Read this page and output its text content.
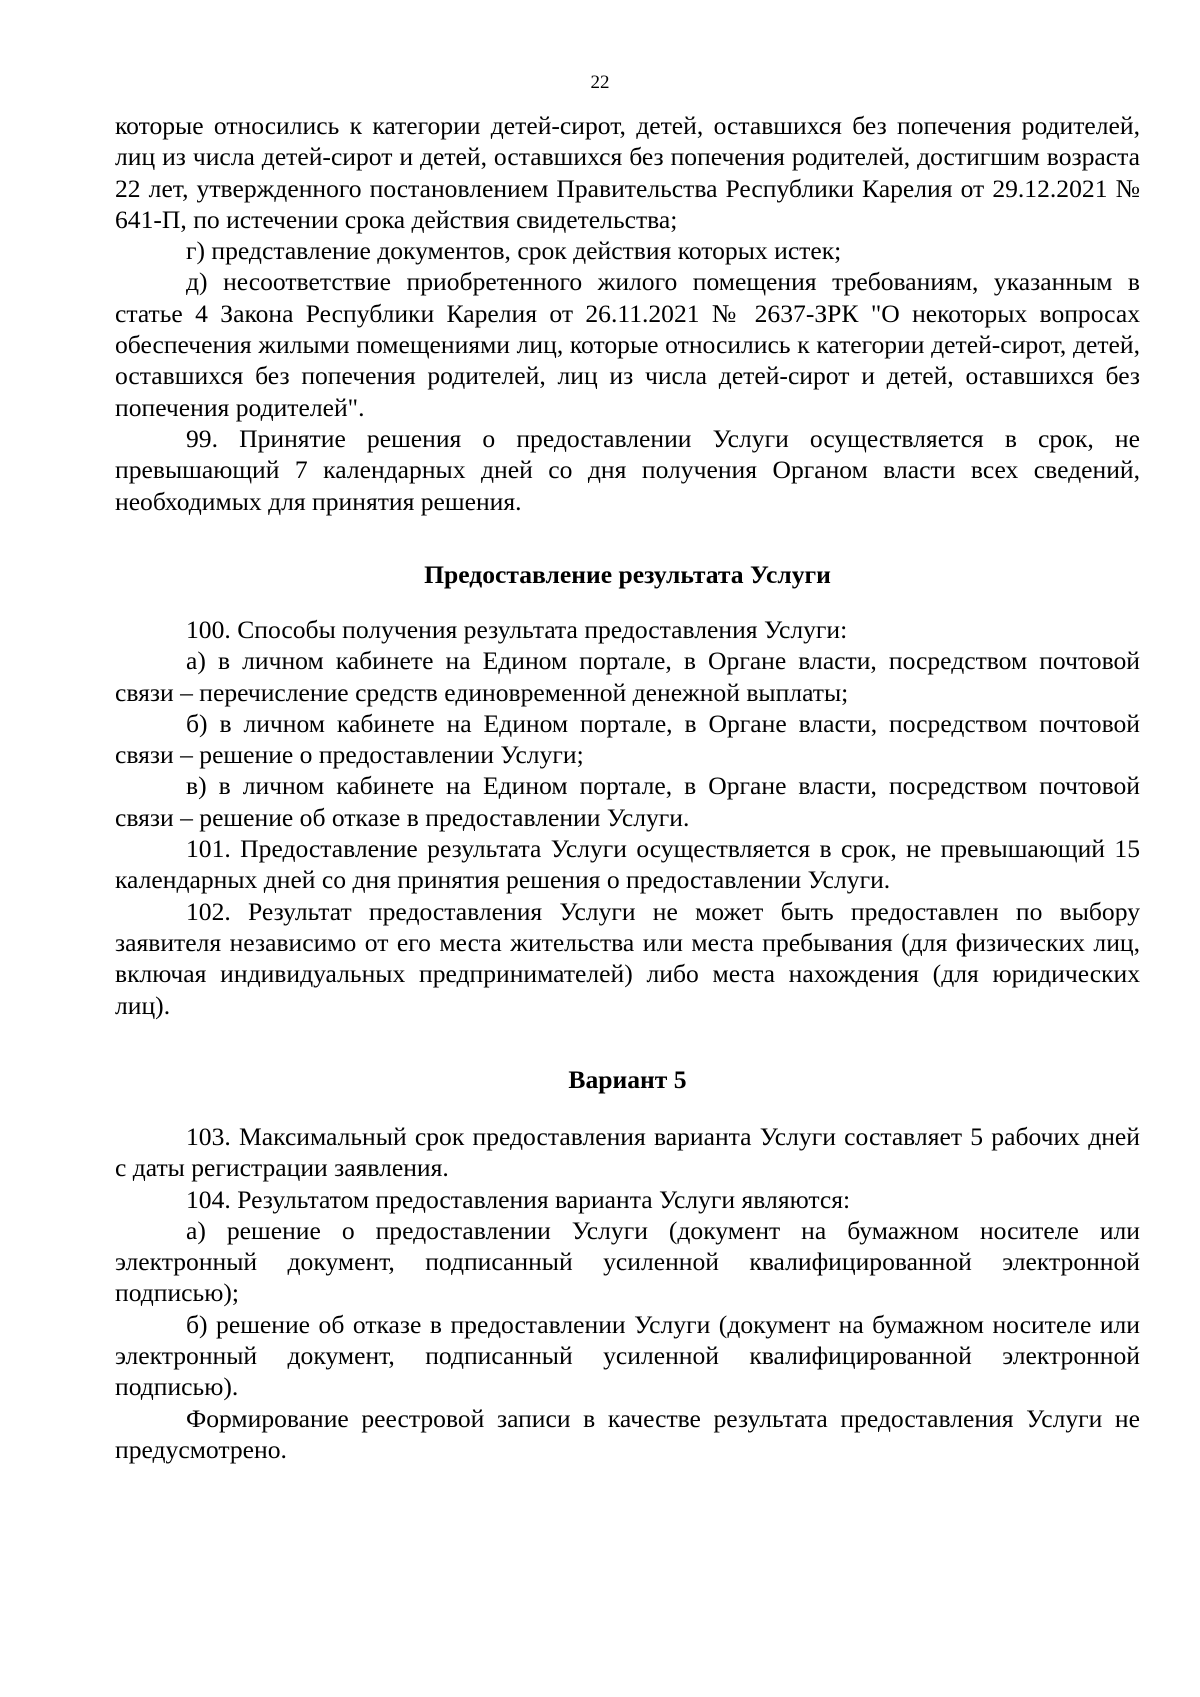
22

которые относились к категории детей-сирот, детей, оставшихся без попечения родителей, лиц из числа детей-сирот и детей, оставшихся без попечения родителей, достигшим возраста 22 лет, утвержденного постановлением Правительства Республики Карелия от 29.12.2021 № 641-П, по истечении срока действия свидетельства;

г) представление документов, срок действия которых истек;

д) несоответствие приобретенного жилого помещения требованиям, указанным в статье 4 Закона Республики Карелия от 26.11.2021 № 2637-ЗРК "О некоторых вопросах обеспечения жилыми помещениями лиц, которые относились к категории детей-сирот, детей, оставшихся без попечения родителей, лиц из числа детей-сирот и детей, оставшихся без попечения родителей".

99. Принятие решения о предоставлении Услуги осуществляется в срок, не превышающий 7 календарных дней со дня получения Органом власти всех сведений, необходимых для принятия решения.

Предоставление результата Услуги

100. Способы получения результата предоставления Услуги:

а) в личном кабинете на Едином портале, в Органе власти, посредством почтовой связи – перечисление средств единовременной денежной выплаты;

б) в личном кабинете на Едином портале, в Органе власти, посредством почтовой связи – решение о предоставлении Услуги;

в) в личном кабинете на Едином портале, в Органе власти, посредством почтовой связи – решение об отказе в предоставлении Услуги.

101. Предоставление результата Услуги осуществляется в срок, не превышающий 15 календарных дней со дня принятия решения о предоставлении Услуги.

102. Результат предоставления Услуги не может быть предоставлен по выбору заявителя независимо от его места жительства или места пребывания (для физических лиц, включая индивидуальных предпринимателей) либо места нахождения (для юридических лиц).

Вариант 5

103. Максимальный срок предоставления варианта Услуги составляет 5 рабочих дней с даты регистрации заявления.

104. Результатом предоставления варианта Услуги являются:

а) решение о предоставлении Услуги (документ на бумажном носителе или электронный документ, подписанный усиленной квалифицированной электронной подписью);

б) решение об отказе в предоставлении Услуги (документ на бумажном носителе или электронный документ, подписанный усиленной квалифицированной электронной подписью).

Формирование реестровой записи в качестве результата предоставления Услуги не предусмотрено.
